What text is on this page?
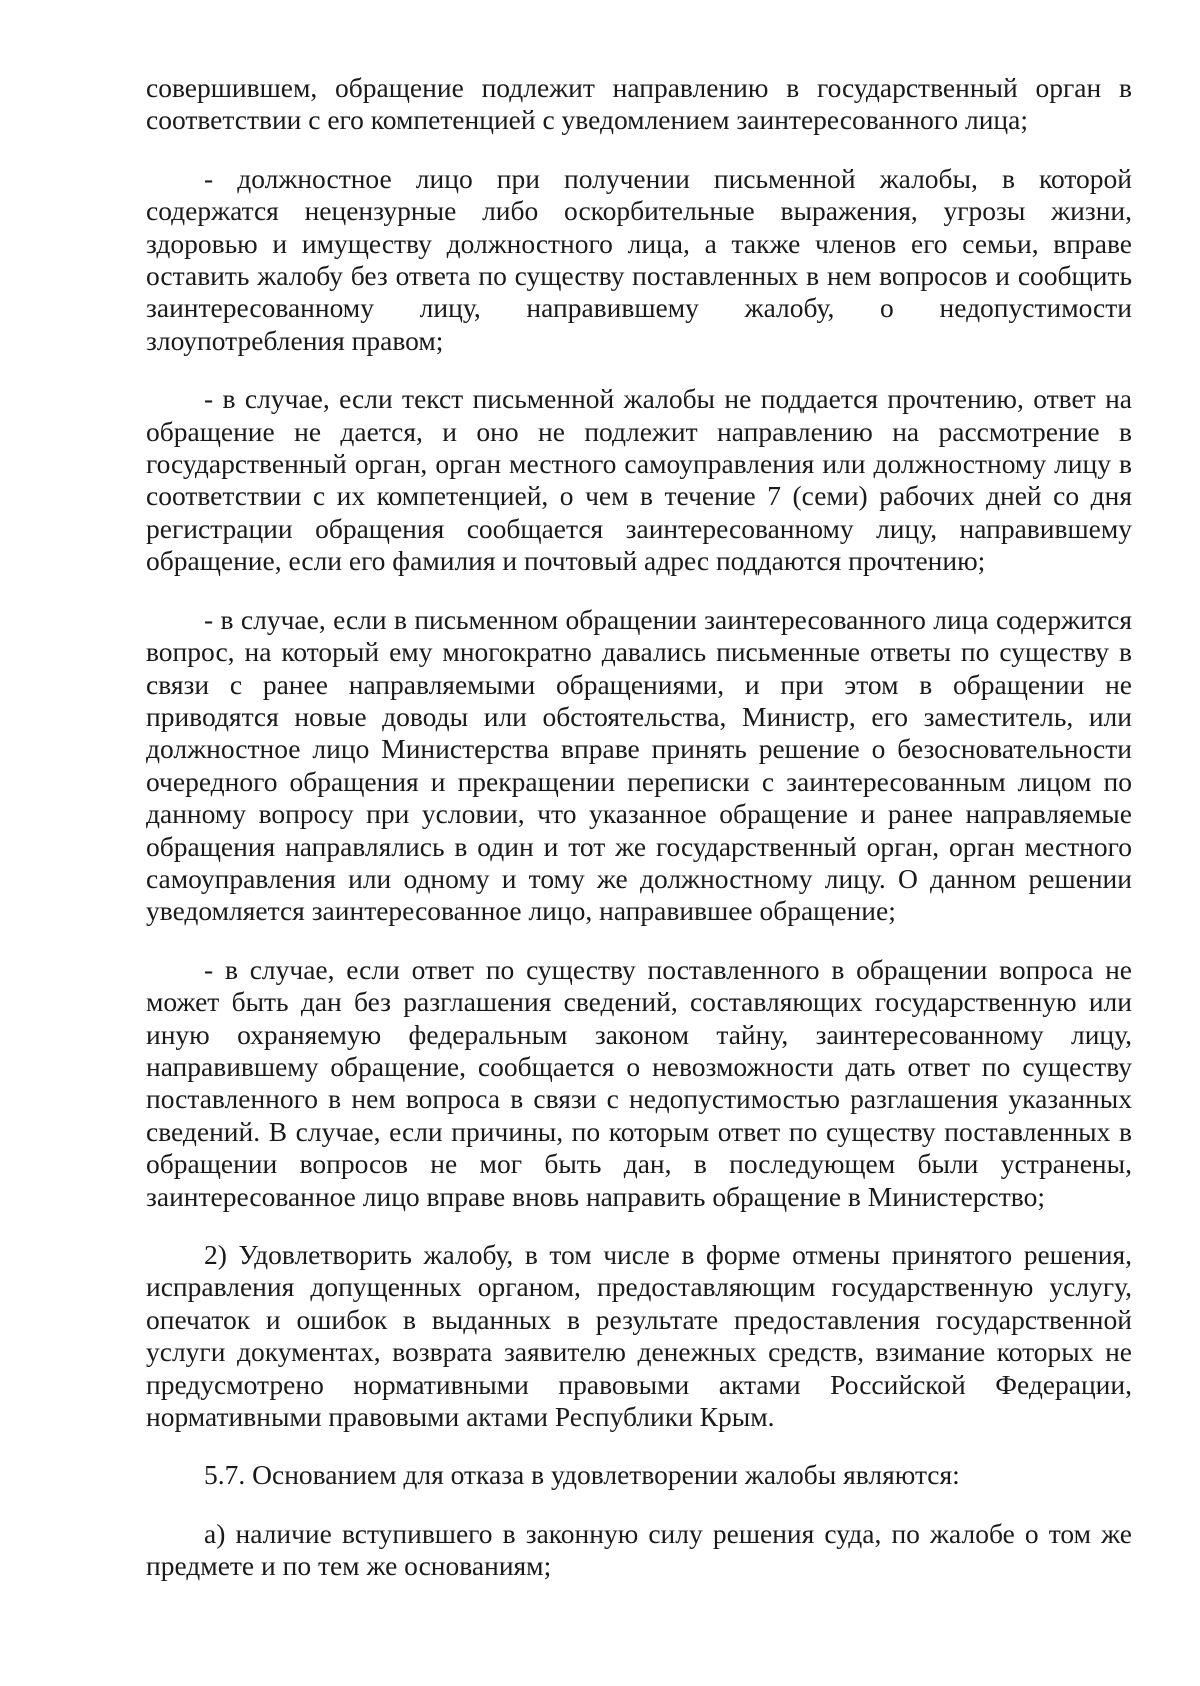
совершившем, обращение подлежит направлению в государственный орган в соответствии с его компетенцией с уведомлением заинтересованного лица;

- должностное лицо при получении письменной жалобы, в которой содержатся нецензурные либо оскорбительные выражения, угрозы жизни, здоровью и имуществу должностного лица, а также членов его семьи, вправе оставить жалобу без ответа по существу поставленных в нем вопросов и сообщить заинтересованному лицу, направившему жалобу, о недопустимости злоупотребления правом;

- в случае, если текст письменной жалобы не поддается прочтению, ответ на обращение не дается, и оно не подлежит направлению на рассмотрение в государственный орган, орган местного самоуправления или должностному лицу в соответствии с их компетенцией, о чем в течение 7 (семи) рабочих дней со дня регистрации обращения сообщается заинтересованному лицу, направившему обращение, если его фамилия и почтовый адрес поддаются прочтению;

- в случае, если в письменном обращении заинтересованного лица содержится вопрос, на который ему многократно давались письменные ответы по существу в связи с ранее направляемыми обращениями, и при этом в обращении не приводятся новые доводы или обстоятельства, Министр, его заместитель, или должностное лицо Министерства вправе принять решение о безосновательности очередного обращения и прекращении переписки с заинтересованным лицом по данному вопросу при условии, что указанное обращение и ранее направляемые обращения направлялись в один и тот же государственный орган, орган местного самоуправления или одному и тому же должностному лицу. О данном решении уведомляется заинтересованное лицо, направившее обращение;

- в случае, если ответ по существу поставленного в обращении вопроса не может быть дан без разглашения сведений, составляющих государственную или иную охраняемую федеральным законом тайну, заинтересованному лицу, направившему обращение, сообщается о невозможности дать ответ по существу поставленного в нем вопроса в связи с недопустимостью разглашения указанных сведений. В случае, если причины, по которым ответ по существу поставленных в обращении вопросов не мог быть дан, в последующем были устранены, заинтересованное лицо вправе вновь направить обращение в Министерство;

2) Удовлетворить жалобу, в том числе в форме отмены принятого решения, исправления допущенных органом, предоставляющим государственную услугу, опечаток и ошибок в выданных в результате предоставления государственной услуги документах, возврата заявителю денежных средств, взимание которых не предусмотрено нормативными правовыми актами Российской Федерации, нормативными правовыми актами Республики Крым.

5.7. Основанием для отказа в удовлетворении жалобы являются:

а) наличие вступившего в законную силу решения суда, по жалобе о том же предмете и по тем же основаниям;
